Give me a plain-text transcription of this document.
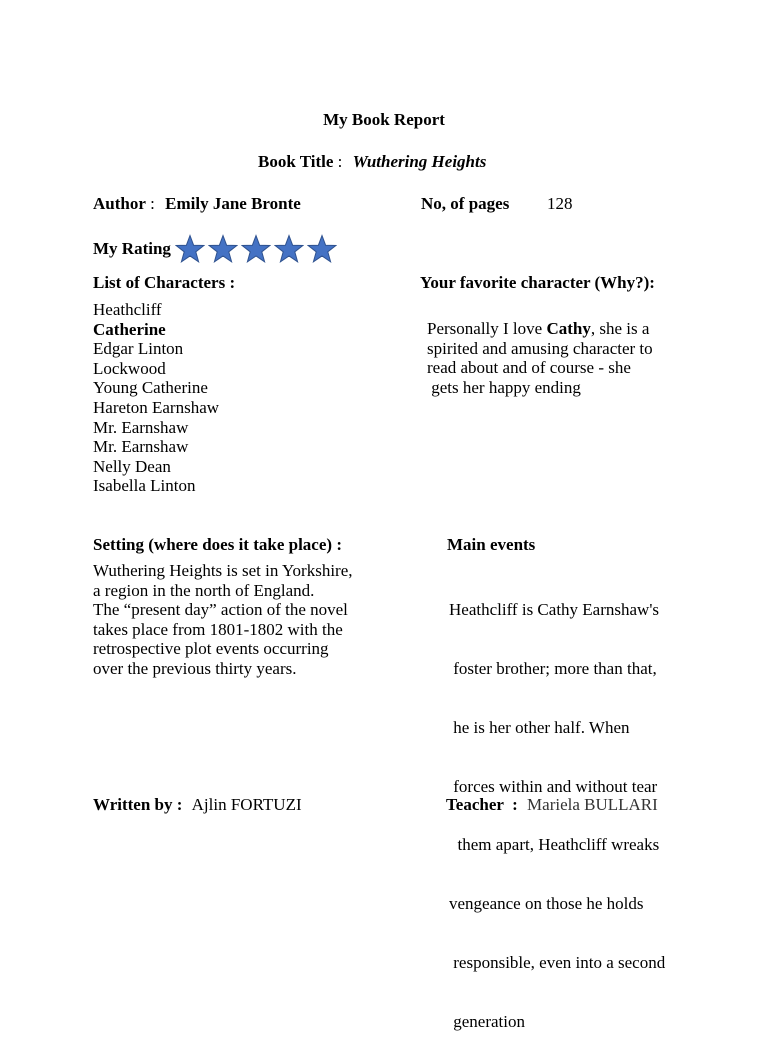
My Book Report
Book Title : Wuthering Heights
Author : Emily Jane Bronte	No, of pages 128
My Rating
List of Characters :	Your favorite character (Why?):
Heathcliff
Catherine
Edgar Linton
Lockwood
Young Catherine
Hareton Earnshaw
Mr. Earnshaw
Mr. Earnshaw
Nelly Dean
Isabella Linton
Personally I love Cathy, she is a
spirited and amusing character to
read about and of course - she
gets her happy ending
Setting (where does it take place) :	Main events
Wuthering Heights is set in Yorkshire,
a region in the north of England.
The “present day” action of the novel
takes place from 1801-1802 with the
retrospective plot events occurring
over the previous thirty years.

Heathcliff is Cathy Earnshaw's

foster brother; more than that,

he is her other half. When

forces within and without tear

them apart, Heathcliff wreaks

vengeance on those he holds

responsible, even into a second

generation

Written by : Ajlin FORTUZI	Teacher  : Mariela BULLARI
